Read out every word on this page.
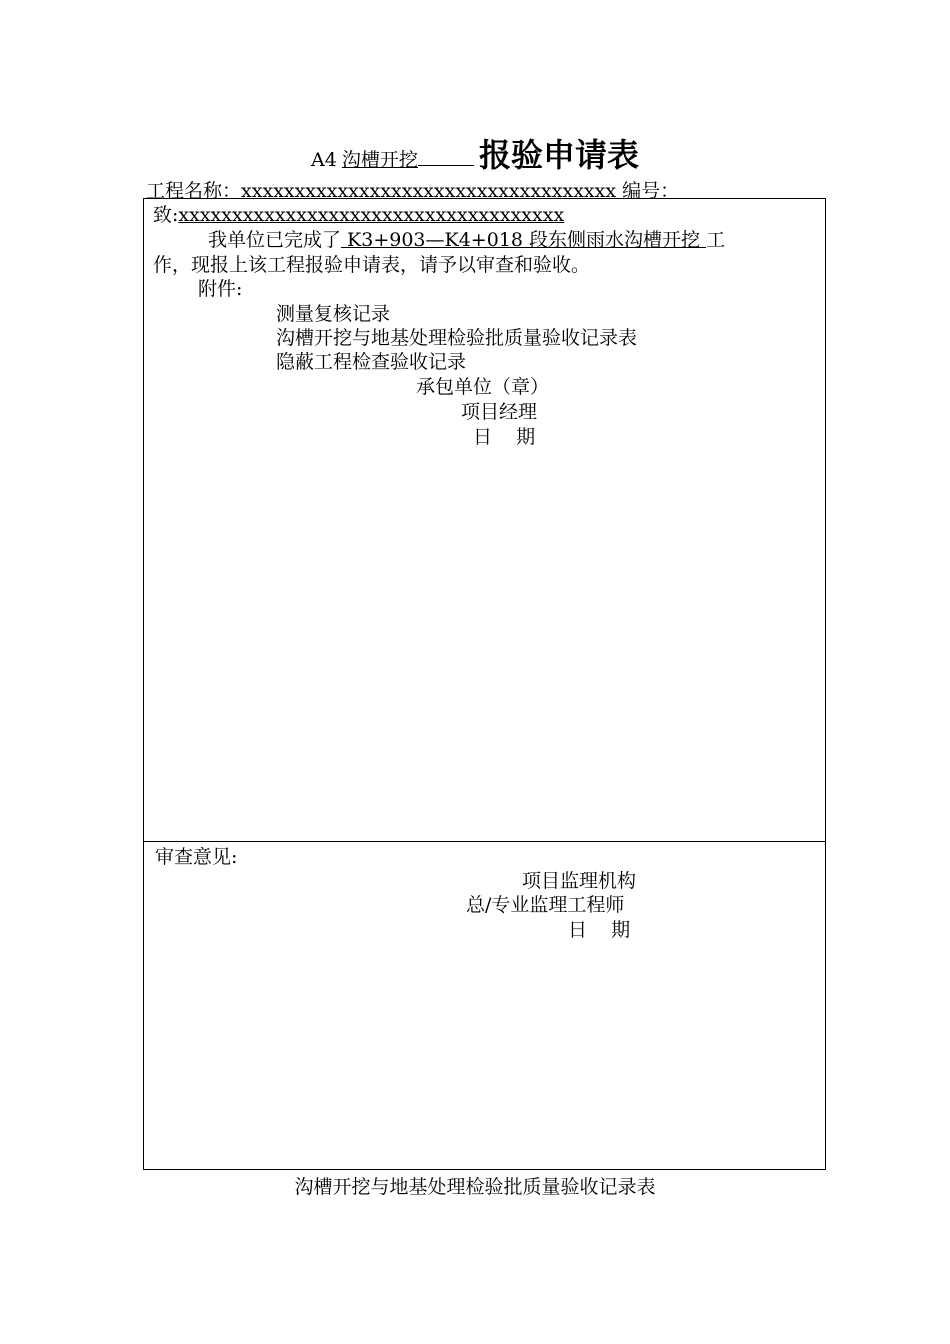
A4 沟槽开挖 报验申请表
工程名称：xxxxxxxxxxxxxxxxxxxxxxxxxxxxxxxxxxx 编号：
致:xxxxxxxxxxxxxxxxxxxxxxxxxxxxxxxxxxxx
我单位已完成了 K3+903—K4+018 段东侧雨水沟槽开挖 工
作，现报上该工程报验申请表，请予以审查和验收。
附件:
测量复核记录
沟槽开挖与地基处理检验批质量验收记录表
隐蔽工程检查验收记录
承包单位（章）
项目经理
日    期
审查意见:
项目监理机构
总/专业监理工程师
日    期
沟槽开挖与地基处理检验批质量验收记录表
